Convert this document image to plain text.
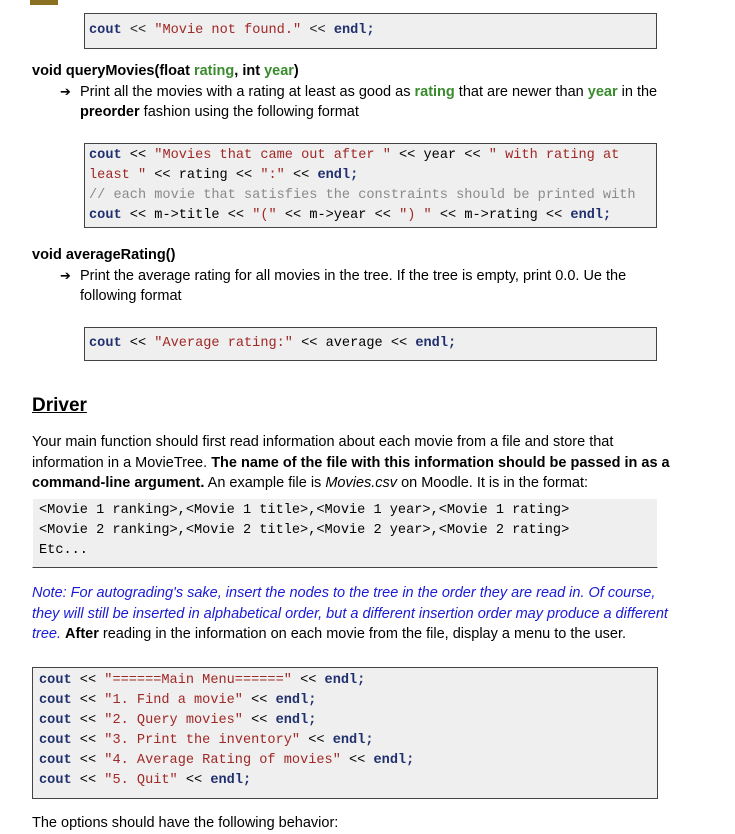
cout << "Movie not found." << endl;
void queryMovies(float rating, int year)
➔ Print all the movies with a rating at least as good as rating that are newer than year in the preorder fashion using the following format
cout << "Movies that came out after " << year << " with rating at
least " << rating << ":" << endl;
// each movie that satisfies the constraints should be printed with
cout << m->title << "(" << m->year << ") " << m->rating << endl;
void averageRating()
➔ Print the average rating for all movies in the tree. If the tree is empty, print 0.0. Ue the following format
cout << "Average rating:" << average << endl;
Driver
Your main function should first read information about each movie from a file and store that information in a MovieTree. The name of the file with this information should be passed in as a command-line argument. An example file is Movies.csv on Moodle. It is in the format:
<Movie 1 ranking>,<Movie 1 title>,<Movie 1 year>,<Movie 1 rating>
<Movie 2 ranking>,<Movie 2 title>,<Movie 2 year>,<Movie 2 rating>
Etc...
Note: For autograding's sake, insert the nodes to the tree in the order they are read in. Of course, they will still be inserted in alphabetical order, but a different insertion order may produce a different tree. After reading in the information on each movie from the file, display a menu to the user.
cout << "======Main Menu======" << endl;
cout << "1. Find a movie" << endl;
cout << "2. Query movies" << endl;
cout << "3. Print the inventory" << endl;
cout << "4. Average Rating of movies" << endl;
cout << "5. Quit" << endl;
The options should have the following behavior:
